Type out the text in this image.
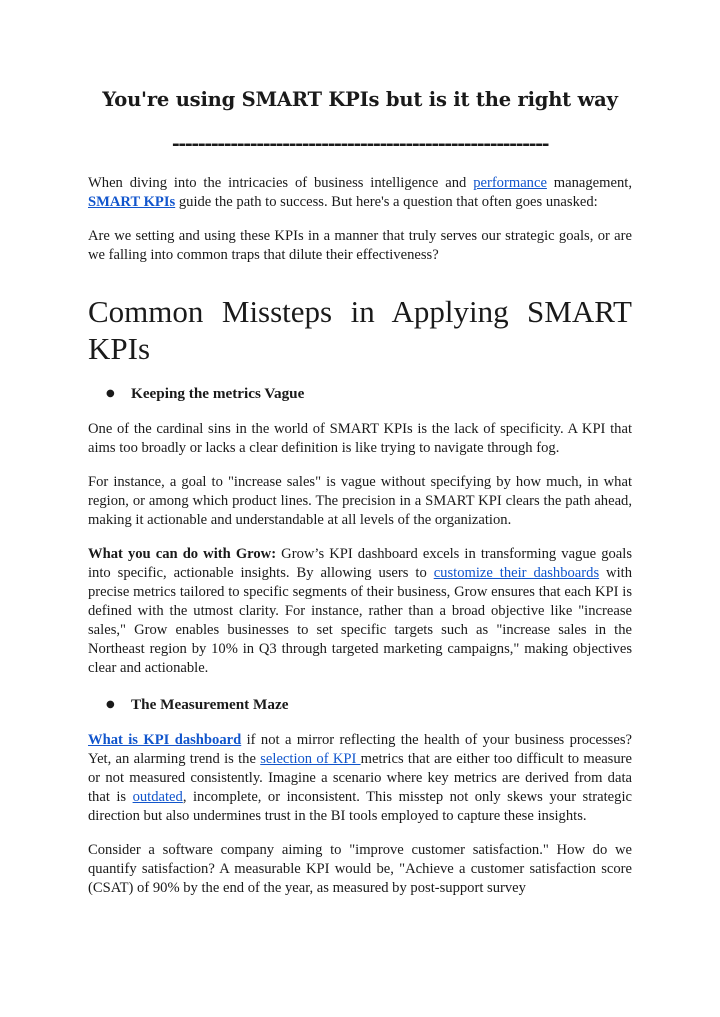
You're using SMART KPIs but is it the right way
----------------------------------------------------------

When diving into the intricacies of business intelligence and performance management, SMART KPIs guide the path to success. But here's a question that often goes unasked:

Are we setting and using these KPIs in a manner that truly serves our strategic goals, or are we falling into common traps that dilute their effectiveness?

Common Missteps in Applying SMART KPIs
●	Keeping the metrics Vague

One of the cardinal sins in the world of SMART KPIs is the lack of specificity. A KPI that aims too broadly or lacks a clear definition is like trying to navigate through fog.

For instance, a goal to "increase sales" is vague without specifying by how much, in what region, or among which product lines. The precision in a SMART KPI clears the path ahead, making it actionable and understandable at all levels of the organization.

What you can do with Grow: Grow’s KPI dashboard excels in transforming vague goals into specific, actionable insights. By allowing users to customize their dashboards with precise metrics tailored to specific segments of their business, Grow ensures that each KPI is defined with the utmost clarity. For instance, rather than a broad objective like "increase sales," Grow enables businesses to set specific targets such as "increase sales in the Northeast region by 10% in Q3 through targeted marketing campaigns," making objectives clear and actionable.

●	The Measurement Maze

What is KPI dashboard if not a mirror reflecting the health of your business processes? Yet, an alarming trend is the selection of KPI metrics that are either too difficult to measure or not measured consistently. Imagine a scenario where key metrics are derived from data that is outdated, incomplete, or inconsistent. This misstep not only skews your strategic direction but also undermines trust in the BI tools employed to capture these insights.

Consider a software company aiming to "improve customer satisfaction." How do we quantify satisfaction? A measurable KPI would be, "Achieve a customer satisfaction score (CSAT) of 90% by the end of the year, as measured by post-support survey
